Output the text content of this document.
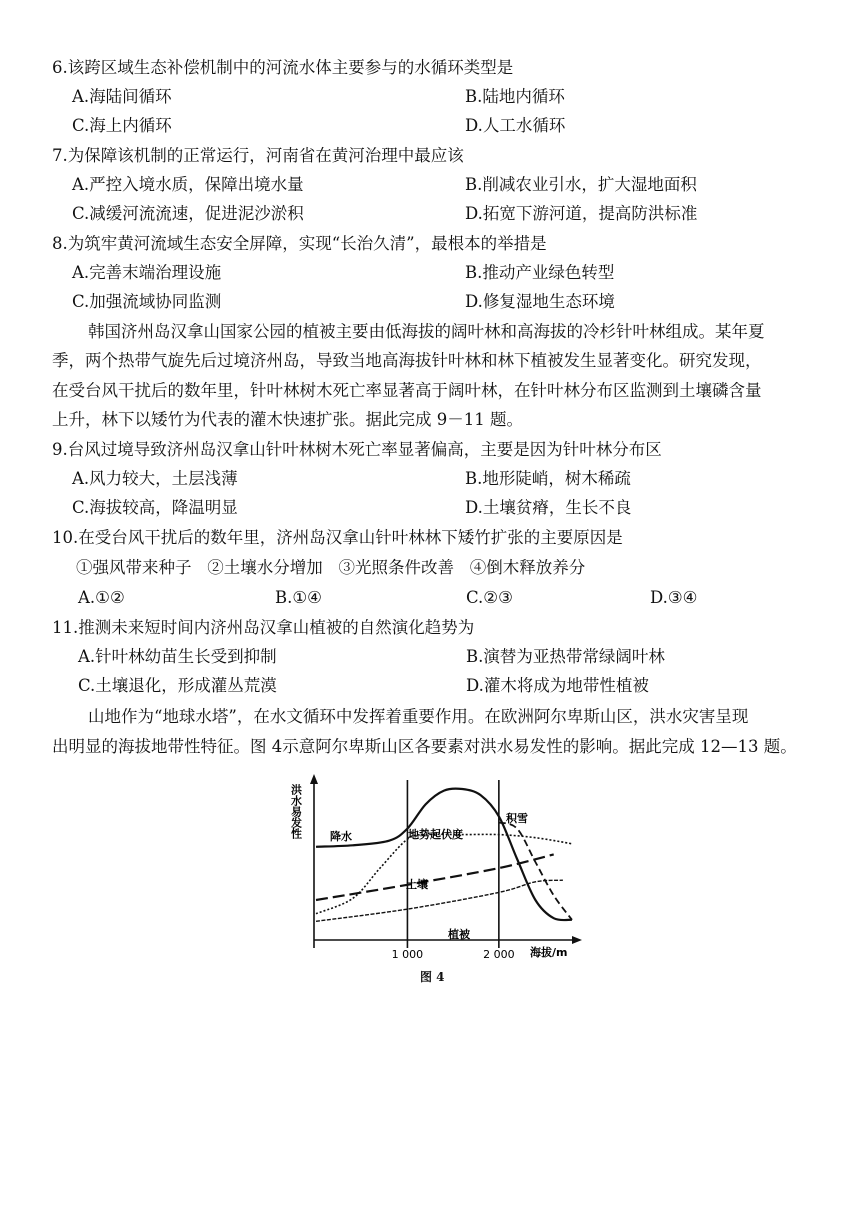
6.该跨区域生态补偿机制中的河流水体主要参与的水循环类型是
A.海陆间循环	B.陆地内循环
C.海上内循环	D.人工水循环
7.为保障该机制的正常运行，河南省在黄河治理中最应该
A.严控入境水质，保障出境水量	B.削减农业引水，扩大湿地面积
C.减缓河流流速，促进泥沙淤积	D.拓宽下游河道，提高防洪标准
8.为筑牢黄河流域生态安全屏障，实现“长治久清”，最根本的举措是
A.完善末端治理设施	B.推动产业绿色转型
C.加强流域协同监测	D.修复湿地生态环境
韩国济州岛汉拿山国家公园的植被主要由低海拔的阔叶林和高海拔的冷杉针叶林组成。某年夏
季，两个热带气旋先后过境济州岛，导致当地高海拔针叶林和林下植被发生显著变化。研究发现，
在受台风干扰后的数年里，针叶林树木死亡率显著高于阔叶林，在针叶林分布区监测到土壤磷含量
上升，林下以矮竹为代表的灌木快速扩张。据此完成 9－11 题。
9.台风过境导致济州岛汉拿山针叶林树木死亡率显著偏高，主要是因为针叶林分布区
A.风力较大，土层浅薄	B.地形陡峭，树木稀疏
C.海拔较高，降温明显	D.土壤贫瘠，生长不良
10.在受台风干扰后的数年里，济州岛汉拿山针叶林林下矮竹扩张的主要原因是
①强风带来种子   ②土壤水分增加   ③光照条件改善   ④倒木释放养分
A.①②	B.①④	C.②③	D.③④
11.推测未来短时间内济州岛汉拿山植被的自然演化趋势为
A.针叶林幼苗生长受到抑制	B.演替为亚热带常绿阔叶林
C.土壤退化，形成灌丛荒漠	D.灌木将成为地带性植被
山地作为“地球水塔”，在水文循环中发挥着重要作用。在欧洲阿尔卑斯山区，洪水灾害呈现
出明显的海拔地带性特征。图 4示意阿尔卑斯山区各要素对洪水易发性的影响。据此完成 12—13 题。
洪水易发性
海拔/m
1 000	2 000
降水	地势起伏度
积雪
土壤
植被
图 4
